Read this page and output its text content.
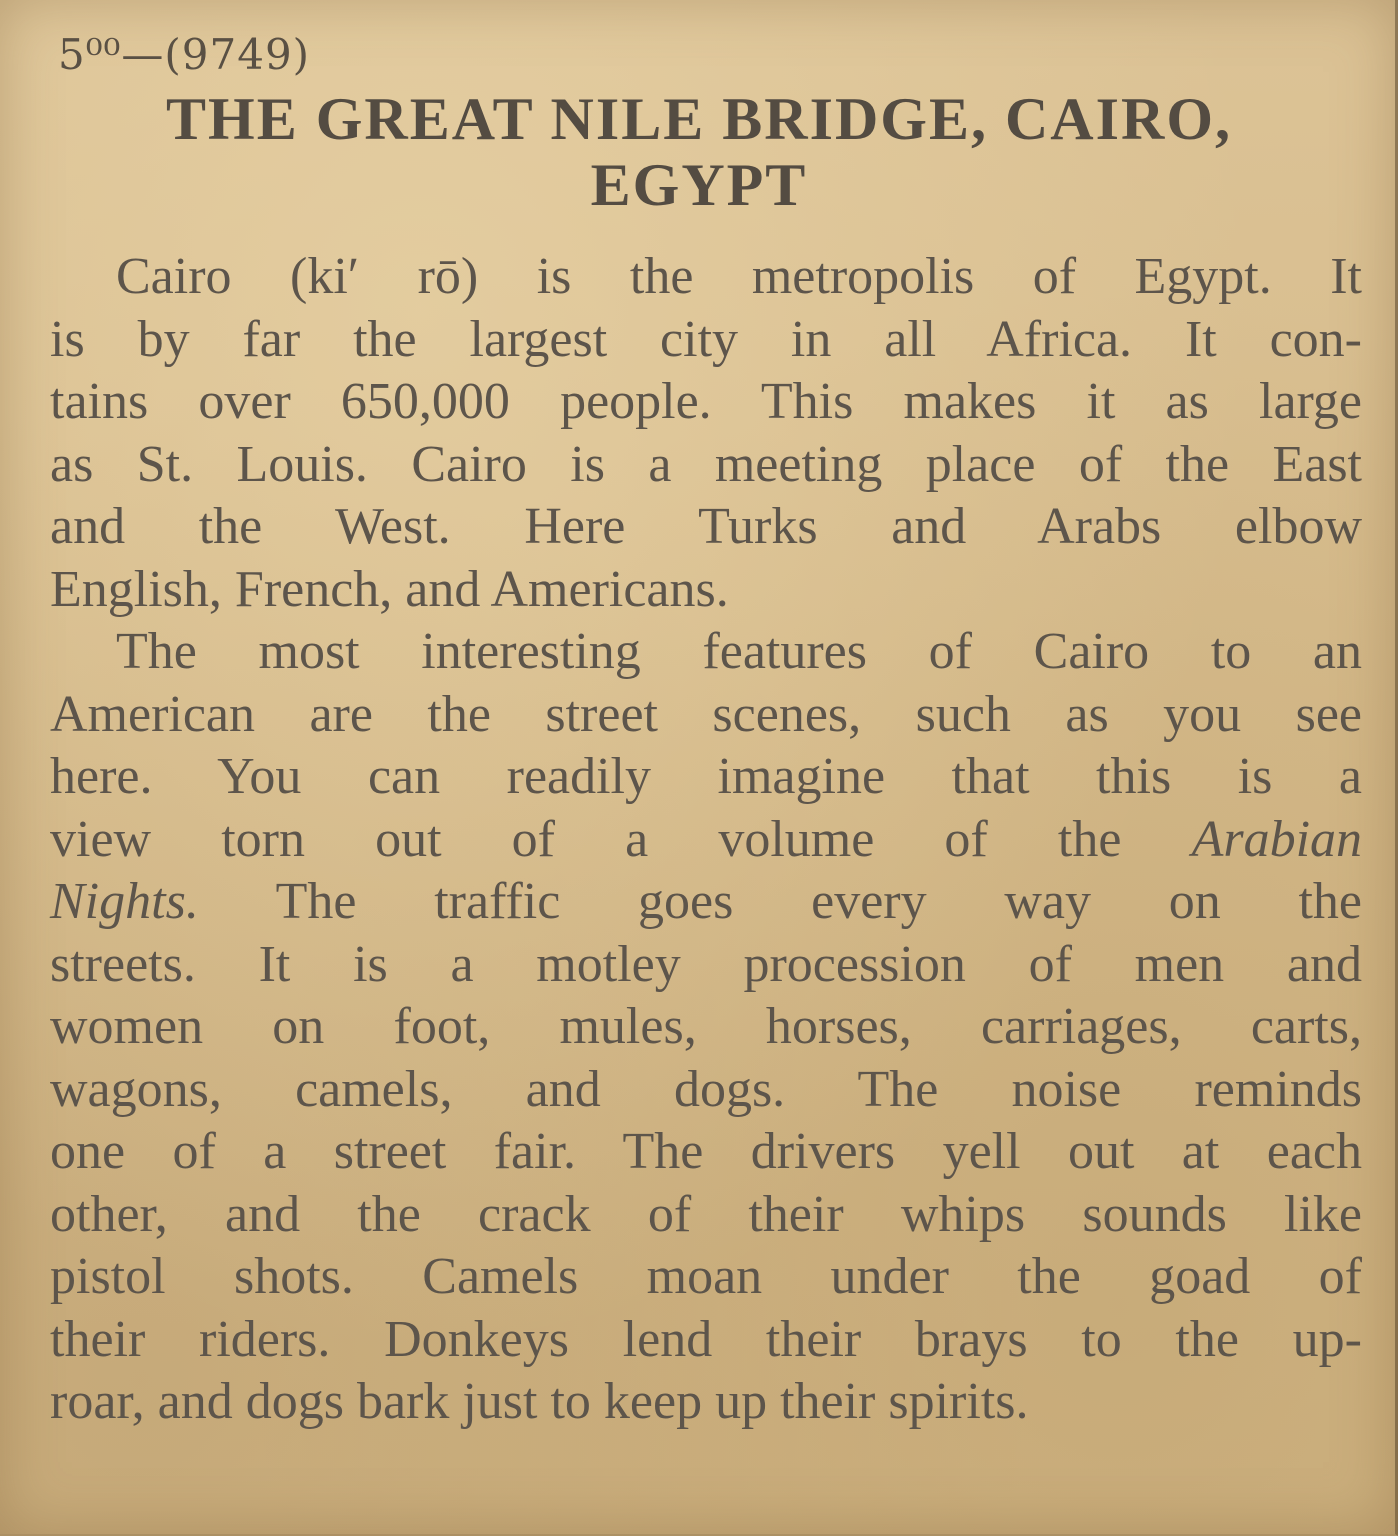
5⁰⁰—(9749)
THE GREAT NILE BRIDGE, CAIRO,
EGYPT
Cairo (ki′ rō) is the metropolis of Egypt. It
is by far the largest city in all Africa. It con-
tains over 650,000 people. This makes it as large
as St. Louis. Cairo is a meeting place of the East
and the West. Here Turks and Arabs elbow
English, French, and Americans.
The most interesting features of Cairo to an
American are the street scenes, such as you see
here. You can readily imagine that this is a
view torn out of a volume of the Arabian
Nights. The traffic goes every way on the
streets. It is a motley procession of men and
women on foot, mules, horses, carriages, carts,
wagons, camels, and dogs. The noise reminds
one of a street fair. The drivers yell out at each
other, and the crack of their whips sounds like
pistol shots. Camels moan under the goad of
their riders. Donkeys lend their brays to the up-
roar, and dogs bark just to keep up their spirits.
